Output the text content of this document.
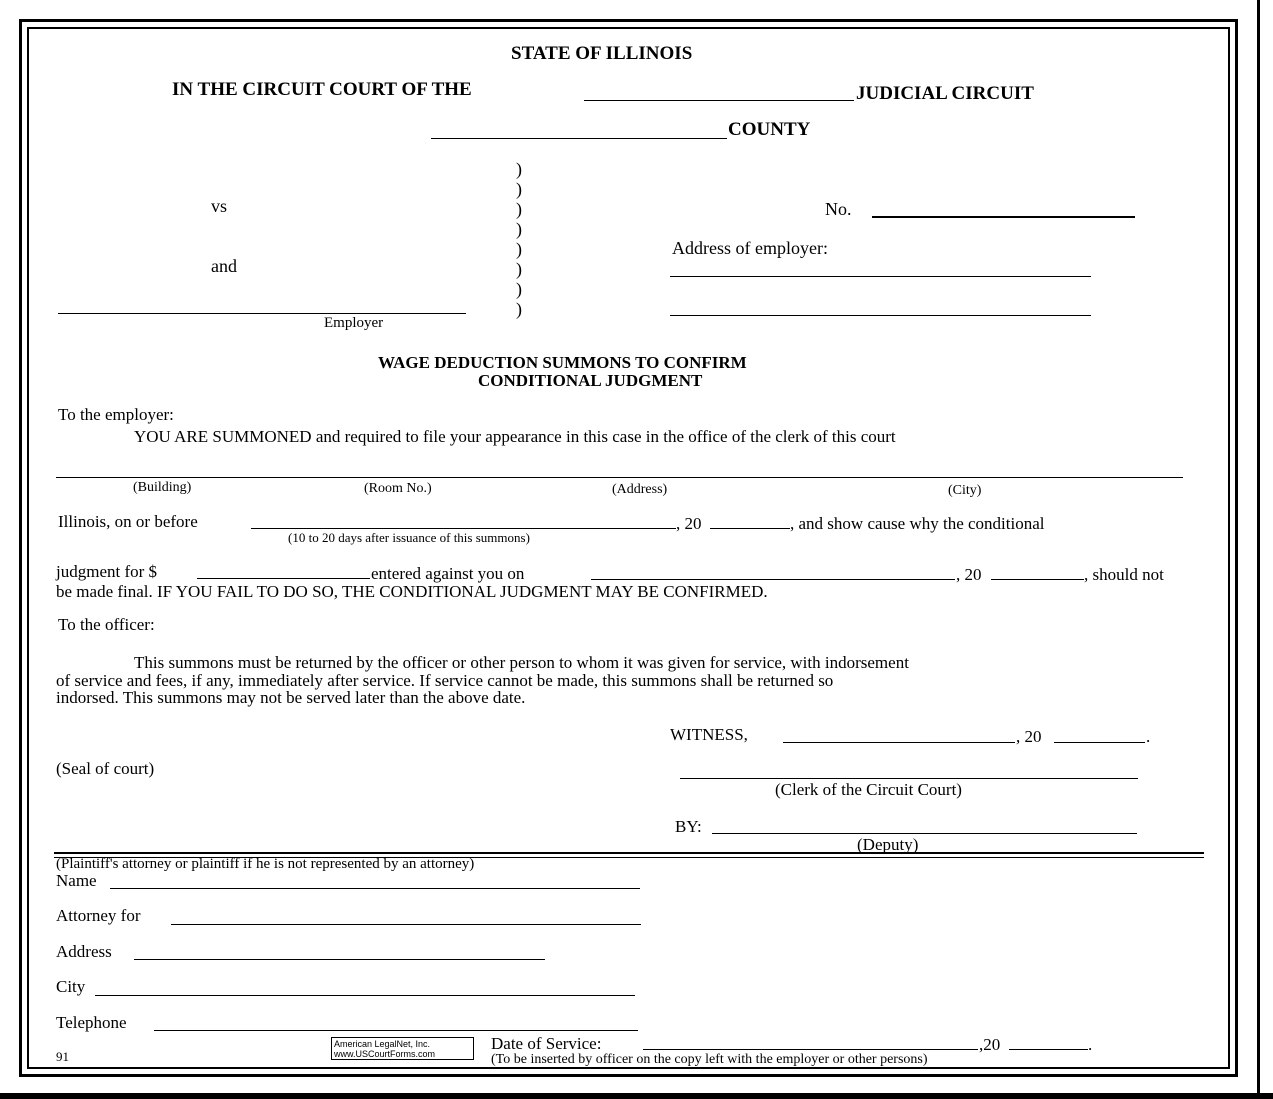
STATE OF ILLINOIS
IN THE CIRCUIT COURT OF THE	JUDICIAL CIRCUIT
COUNTY
vs
and
Employer
)
)
)
)
)
)
)
)
No.
Address of employer:
WAGE DEDUCTION SUMMONS TO CONFIRM
CONDITIONAL JUDGMENT
To the employer:
YOU ARE SUMMONED and required to file your appearance in this case in the office of the clerk of this court
(Building)	(Room No.)	(Address)	(City)
Illinois, on or before	, 20	, and show cause why the conditional
(10 to 20 days after issuance of this summons)
judgment for $	entered against you on	, 20	, should not
be made final. IF YOU FAIL TO DO SO, THE CONDITIONAL JUDGMENT MAY BE CONFIRMED.
To the officer:
This summons must be returned by the officer or other person to whom it was given for service, with indorsement
of service and fees, if any, immediately after service. If service cannot be made, this summons shall be returned so
indorsed. This summons may not be served later than the above date.
WITNESS,	, 20	.
(Seal of court)
(Clerk of the Circuit Court)
BY:
(Deputy)
(Plaintiff's attorney or plaintiff if he is not represented by an attorney)
Name
Attorney for
Address
City
Telephone
91
American LegalNet, Inc.
www.USCourtForms.com
Date of Service:	,20	.
(To be inserted by officer on the copy left with the employer or other persons)
